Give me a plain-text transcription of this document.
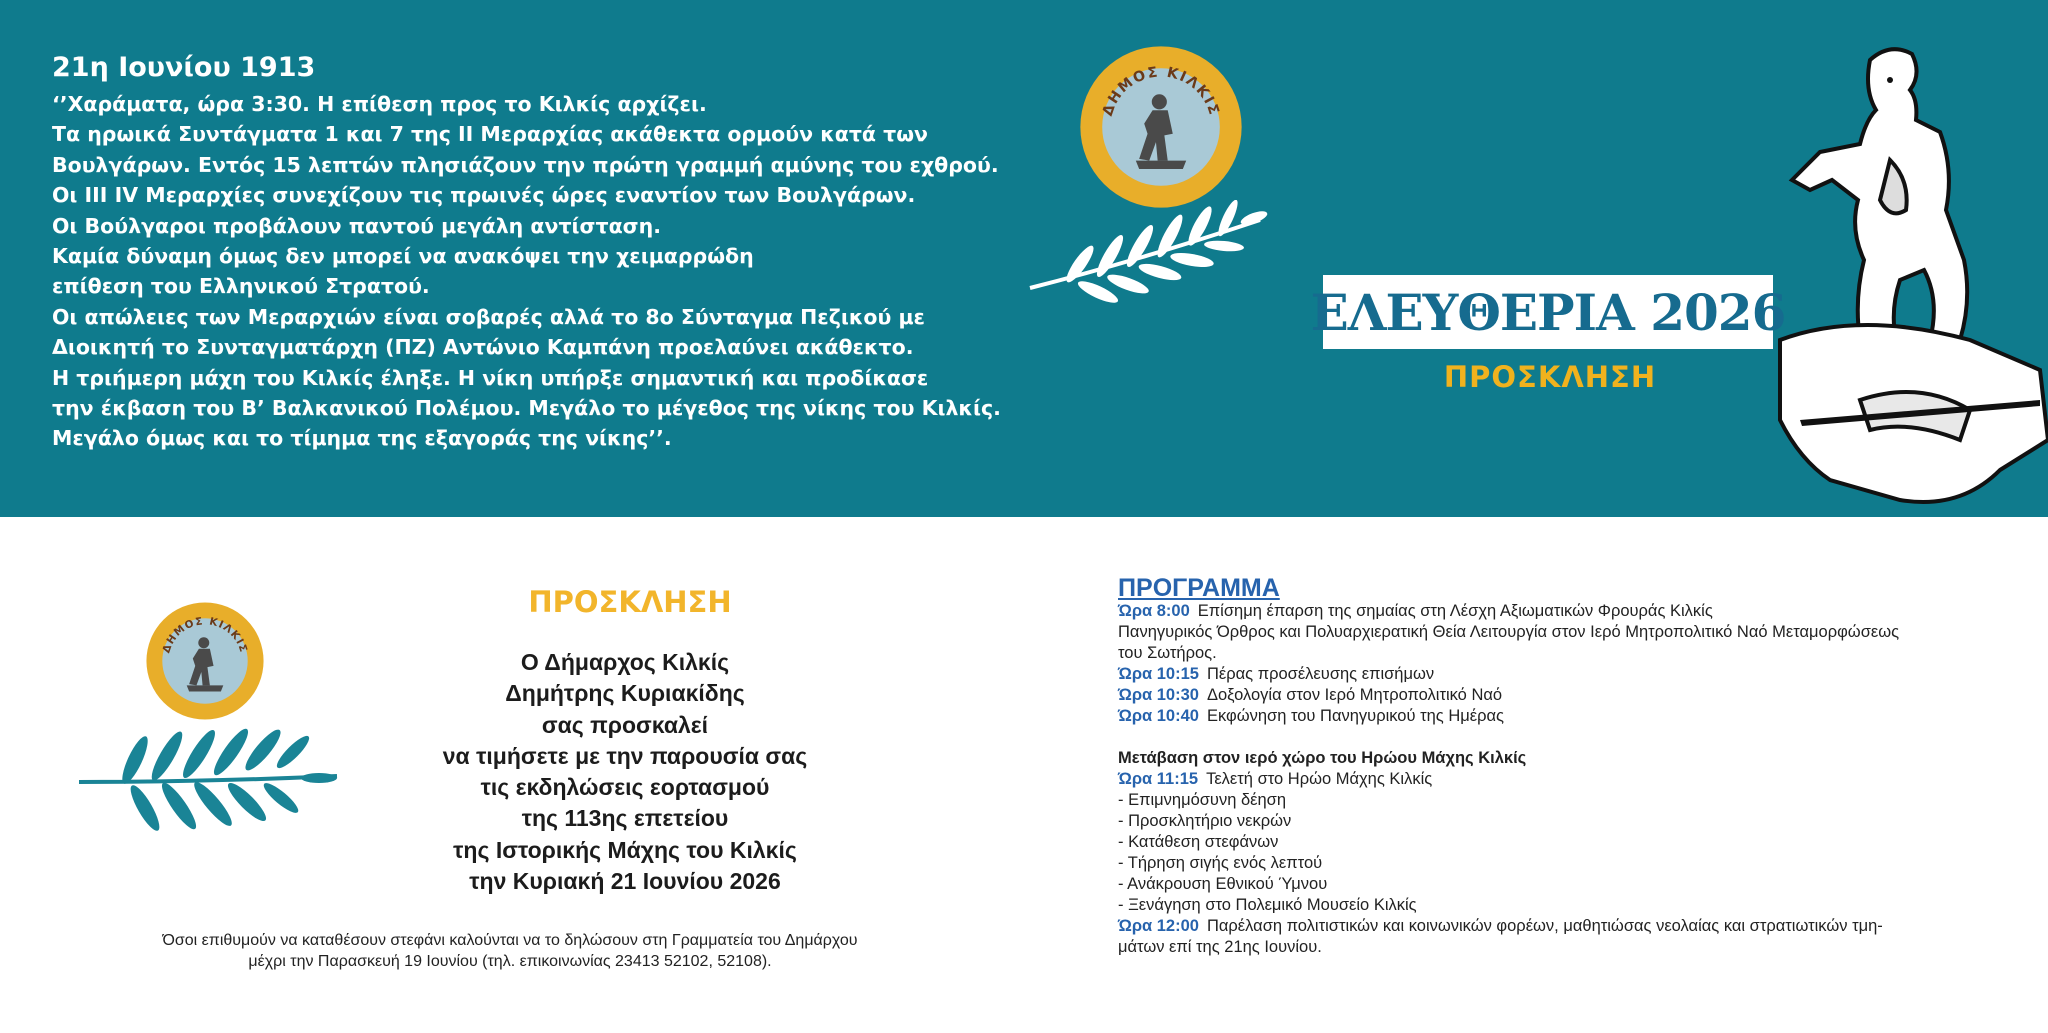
21η Ιουνίου 1913
‘’Χαράματα, ώρα 3:30. Η επίθεση προς το Κιλκίς αρχίζει.
Τα ηρωικά Συντάγματα 1 και 7 της ΙΙ Μεραρχίας ακάθεκτα ορμούν κατά των
Βουλγάρων. Εντός 15 λεπτών πλησιάζουν την πρώτη γραμμή αμύνης του εχθρού.
Οι ΙΙΙ IV Μεραρχίες συνεχίζουν τις πρωινές ώρες εναντίον των Βουλγάρων.
Οι Βούλγαροι προβάλουν παντού μεγάλη αντίσταση.
Καμία δύναμη όμως δεν μπορεί να ανακόψει την χειμαρρώδη
επίθεση του Ελληνικού Στρατού.
Οι απώλειες των Μεραρχιών είναι σοβαρές αλλά το 8ο Σύνταγμα Πεζικού με
Διοικητή το Συνταγματάρχη (ΠΖ) Αντώνιο Καμπάνη προελαύνει ακάθεκτο.
Η τριήμερη μάχη του Κιλκίς έληξε. Η νίκη υπήρξε σημαντική και προδίκασε
την έκβαση του Β’ Βαλκανικού Πολέμου. Μεγάλο το μέγεθος της νίκης του Κιλκίς.
Μεγάλο όμως και το τίμημα της εξαγοράς της νίκης’’.
ΔΗΜΟΣ ΚΙΛΚΙΣ
ΕΛΕΥΘΕΡΙΑ 2026
ΠΡΟΣΚΛΗΣΗ
ΔΗΜΟΣ ΚΙΛΚΙΣ
ΠΡΟΣΚΛΗΣΗ
Ο Δήμαρχος Κιλκίς
Δημήτρης Κυριακίδης
σας προσκαλεί
να τιμήσετε με την παρουσία σας
τις εκδηλώσεις εορτασμού
της 113ης επετείου
της Ιστορικής Μάχης του Κιλκίς
την Κυριακή 21 Ιουνίου 2026
Όσοι επιθυμούν να καταθέσουν στεφάνι καλούνται να το δηλώσουν στη Γραμματεία του Δημάρχου
μέχρι την Παρασκευή 19 Ιουνίου (τηλ. επικοινωνίας 23413 52102, 52108).
ΠΡΟΓΡΑΜΜΑ
Ώρα 8:00 Επίσημη έπαρση της σημαίας στη Λέσχη Αξιωματικών Φρουράς Κιλκίς
Πανηγυρικός Όρθρος και Πολυαρχιερατική Θεία Λειτουργία στον Ιερό Μητροπολιτικό Ναό Μεταμορφώσεως
του Σωτήρος.
Ώρα 10:15 Πέρας προσέλευσης επισήμων
Ώρα 10:30 Δοξολογία στον Ιερό Μητροπολιτικό Ναό
Ώρα 10:40 Εκφώνηση του Πανηγυρικού της Ημέρας
Μετάβαση στον ιερό χώρο του Ηρώου Μάχης Κιλκίς
Ώρα 11:15 Τελετή στο Ηρώο Μάχης Κιλκίς
- Επιμνημόσυνη δέηση
- Προσκλητήριο νεκρών
- Κατάθεση στεφάνων
- Τήρηση σιγής ενός λεπτού
- Ανάκρουση Εθνικού Ύμνου
- Ξενάγηση στο Πολεμικό Μουσείο Κιλκίς
Ώρα 12:00 Παρέλαση πολιτιστικών και κοινωνικών φορέων, μαθητιώσας νεολαίας και στρατιωτικών τμη-
μάτων επί της 21ης Ιουνίου.
